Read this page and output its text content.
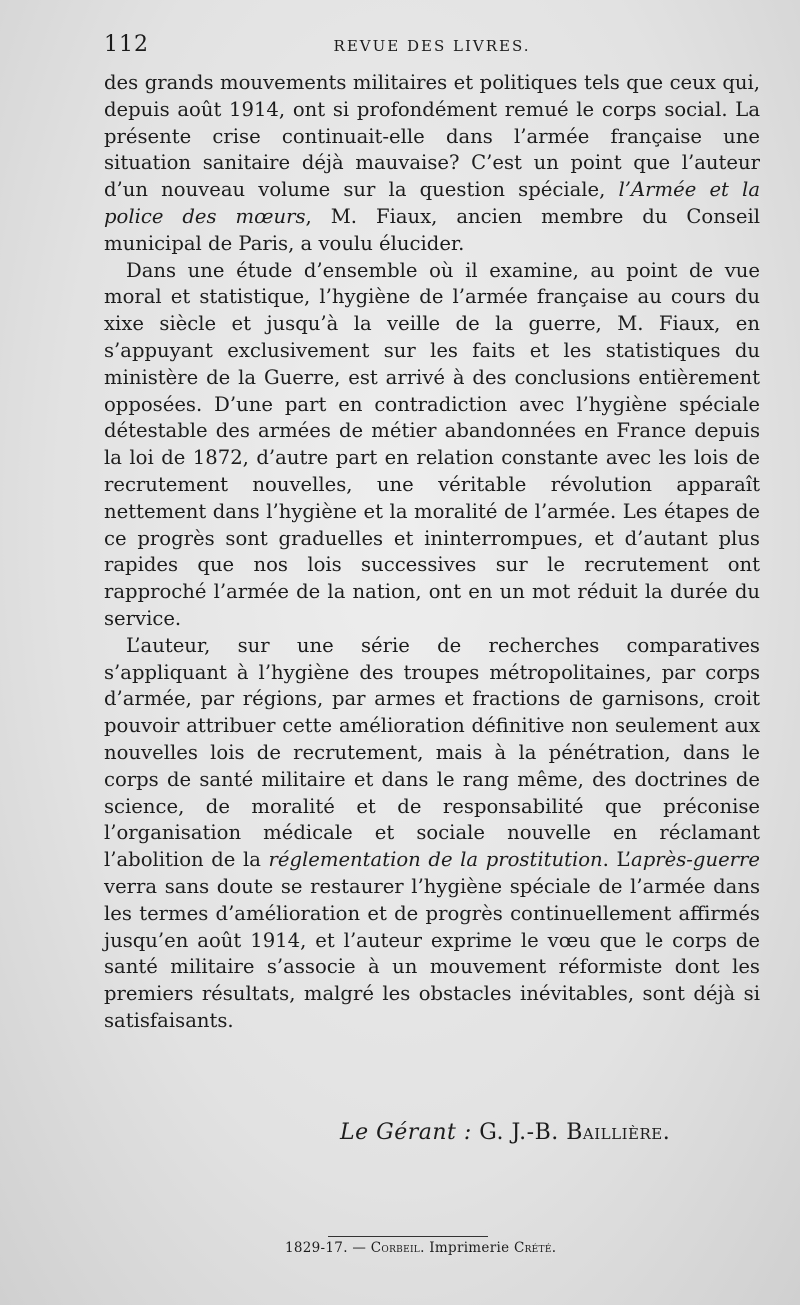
112	REVUE DES LIVRES.

des grands mouvements militaires et politiques tels que ceux qui, depuis août 1914, ont si profondément remué le corps social. La présente crise continuait-elle dans l’armée française une situation sanitaire déjà mauvaise? C’est un point que l’auteur d’un nouveau volume sur la question spéciale, l’Armée et la police des mœurs, M. Fiaux, ancien membre du Conseil municipal de Paris, a voulu élucider.

Dans une étude d’ensemble où il examine, au point de vue moral et statistique, l’hygiène de l’armée française au cours du xixe siècle et jusqu’à la veille de la guerre, M. Fiaux, en s’appuyant exclusivement sur les faits et les statistiques du ministère de la Guerre, est arrivé à des conclusions entièrement opposées. D’une part en contradiction avec l’hygiène spéciale détestable des armées de métier abandonnées en France depuis la loi de 1872, d’autre part en relation constante avec les lois de recrutement nouvelles, une véritable révolution apparaît nettement dans l’hygiène et la moralité de l’armée. Les étapes de ce progrès sont graduelles et ininterrompues, et d’autant plus rapides que nos lois successives sur le recrutement ont rapproché l’armée de la nation, ont en un mot réduit la durée du service.

L’auteur, sur une série de recherches comparatives s’appliquant à l’hygiène des troupes métropolitaines, par corps d’armée, par régions, par armes et fractions de garnisons, croit pouvoir attribuer cette amélioration définitive non seulement aux nouvelles lois de recrutement, mais à la pénétration, dans le corps de santé militaire et dans le rang même, des doctrines de science, de moralité et de responsabilité que préconise l’organisation médicale et sociale nouvelle en réclamant l’abolition de la réglementation de la prostitution. L’après-guerre verra sans doute se restaurer l’hygiène spéciale de l’armée dans les termes d’amélioration et de progrès continuellement affirmés jusqu’en août 1914, et l’auteur exprime le vœu que le corps de santé militaire s’associe à un mouvement réformiste dont les premiers résultats, malgré les obstacles inévitables, sont déjà si satisfaisants.

Le Gérant : G. J.-B. Baillière.
1829-17. — Corbeil. Imprimerie Crété.
